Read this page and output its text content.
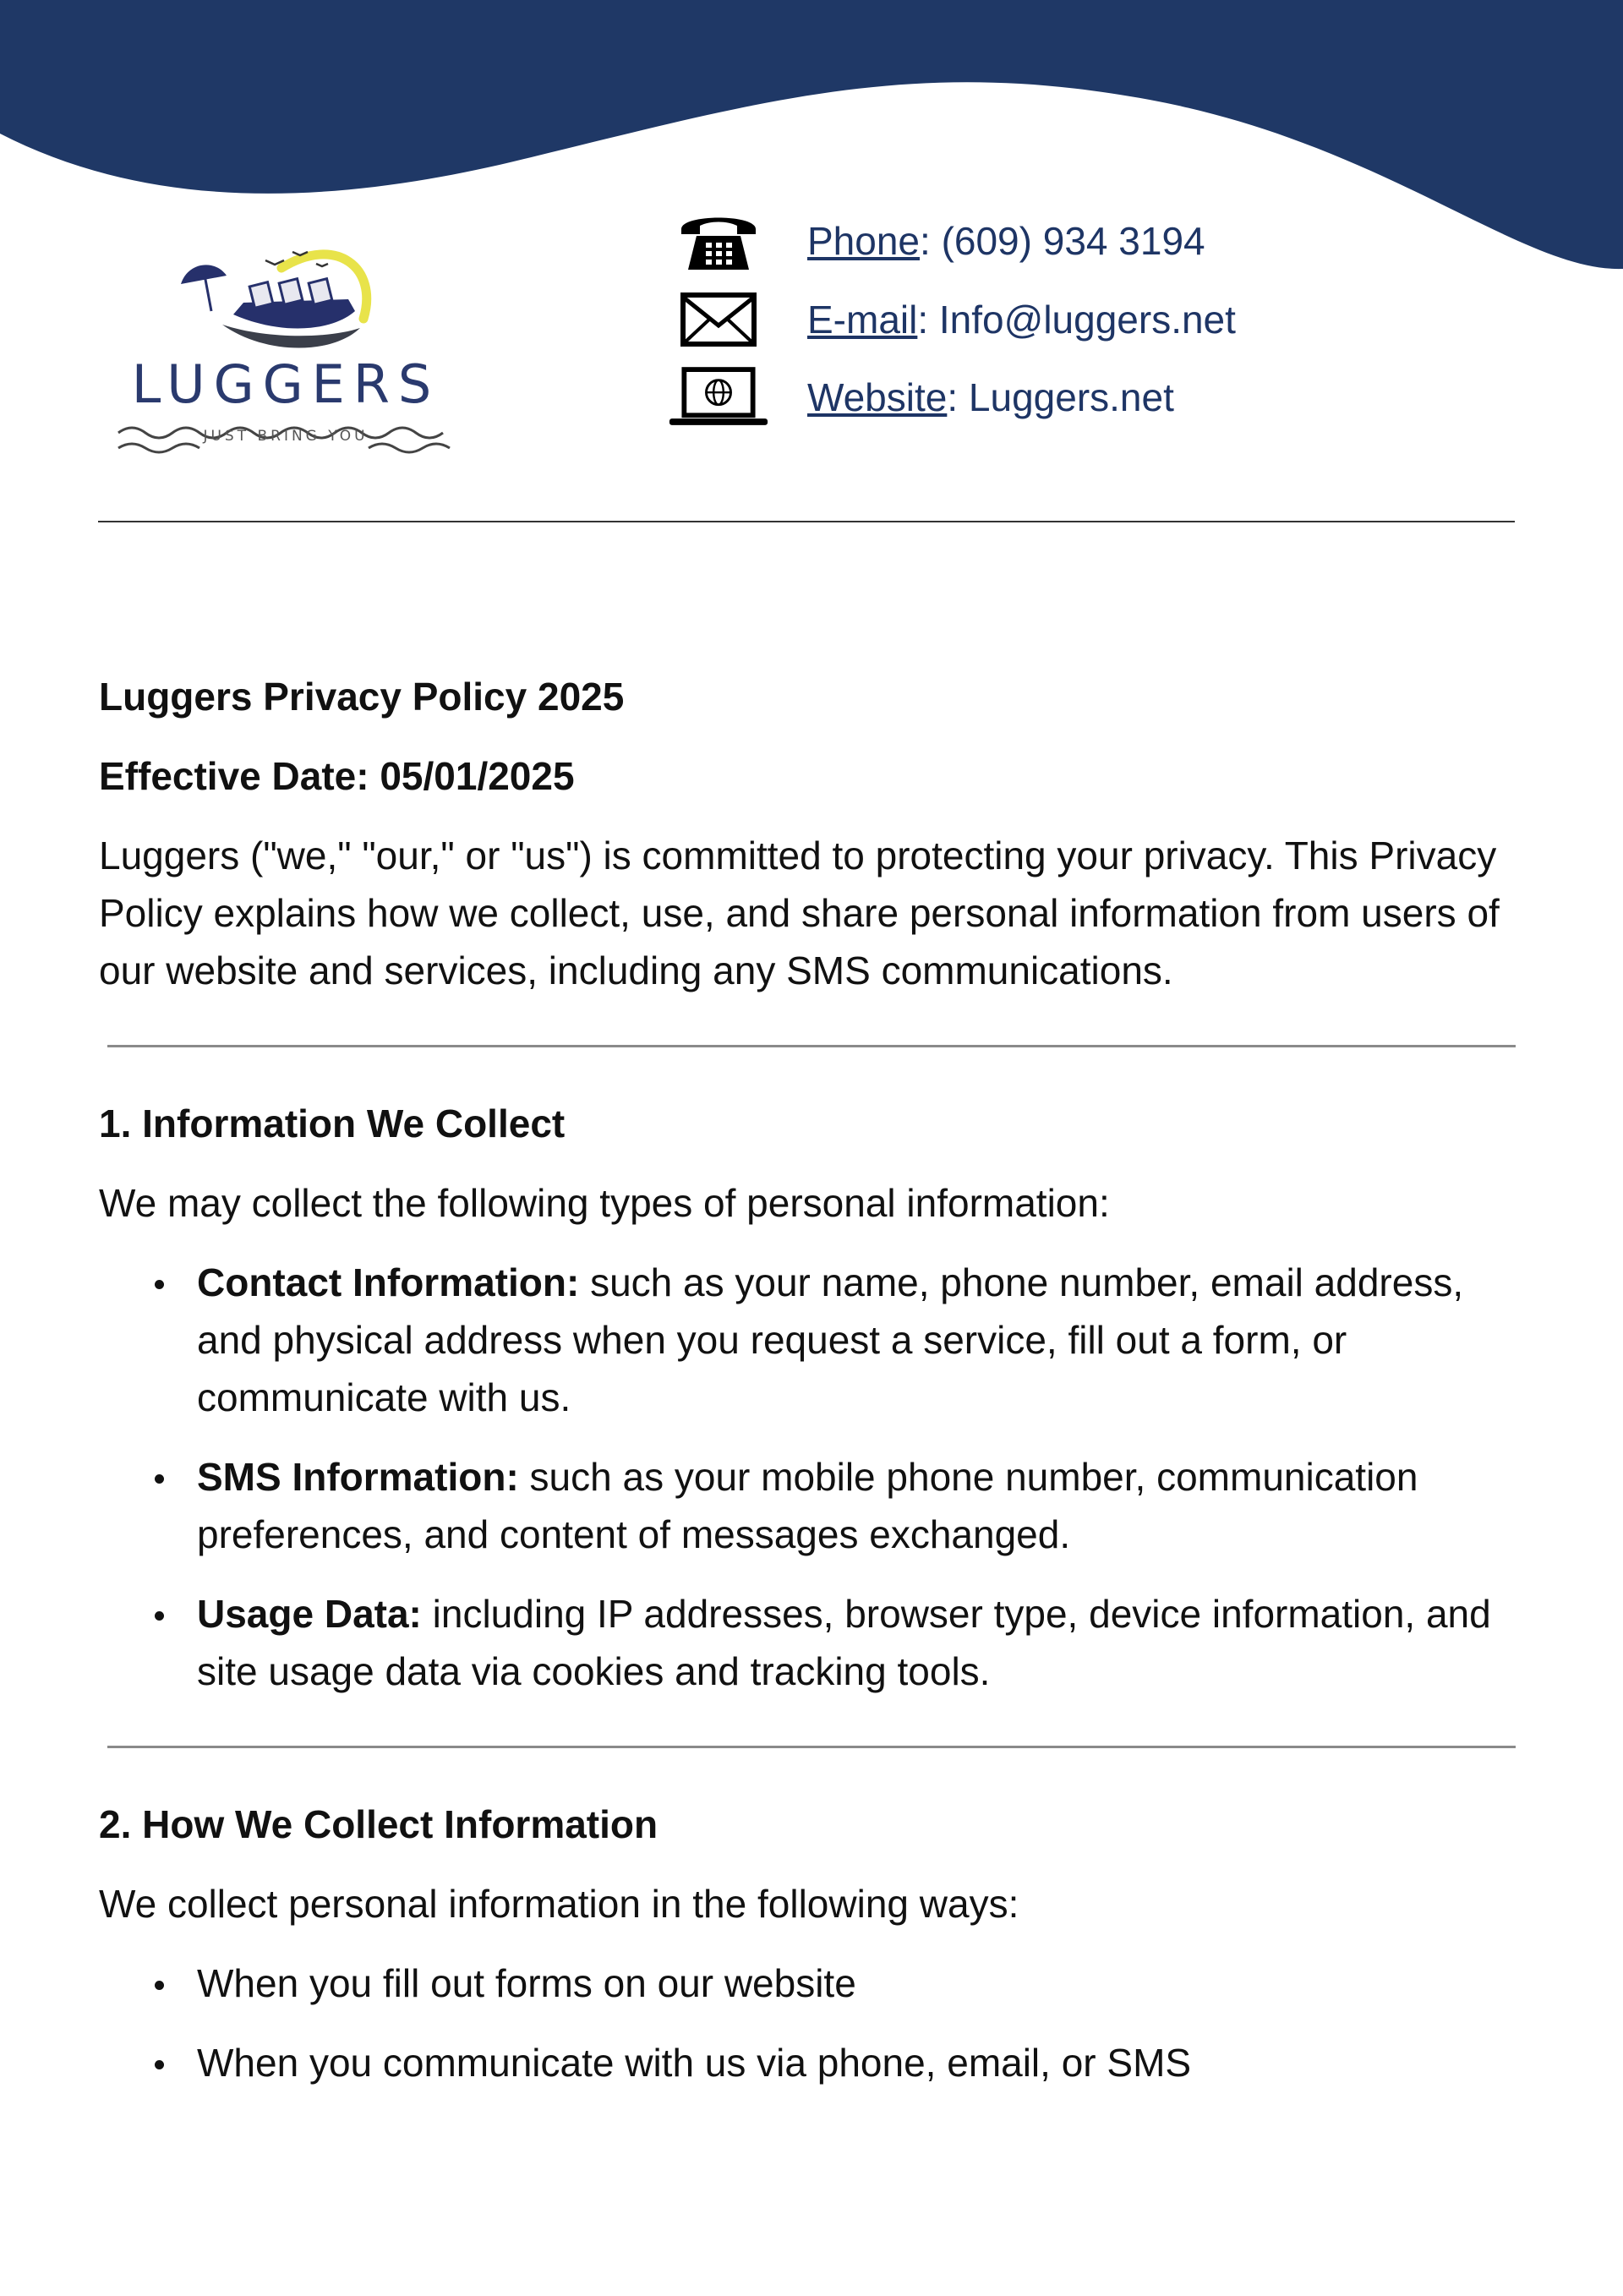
LUGGERS
JUST BRING YOU
Phone: (609) 934 3194
E-mail: Info@luggers.net
Website: Luggers.net
Luggers Privacy Policy 2025
Effective Date: 05/01/2025
Luggers ("we," "our," or "us") is committed to protecting your privacy. This Privacy Policy explains how we collect, use, and share personal information from users of our website and services, including any SMS communications.
1. Information We Collect
We may collect the following types of personal information:
Contact Information: such as your name, phone number, email address, and physical address when you request a service, fill out a form, or communicate with us.
SMS Information: such as your mobile phone number, communication preferences, and content of messages exchanged.
Usage Data: including IP addresses, browser type, device information, and site usage data via cookies and tracking tools.
2. How We Collect Information
We collect personal information in the following ways:
When you fill out forms on our website
When you communicate with us via phone, email, or SMS
